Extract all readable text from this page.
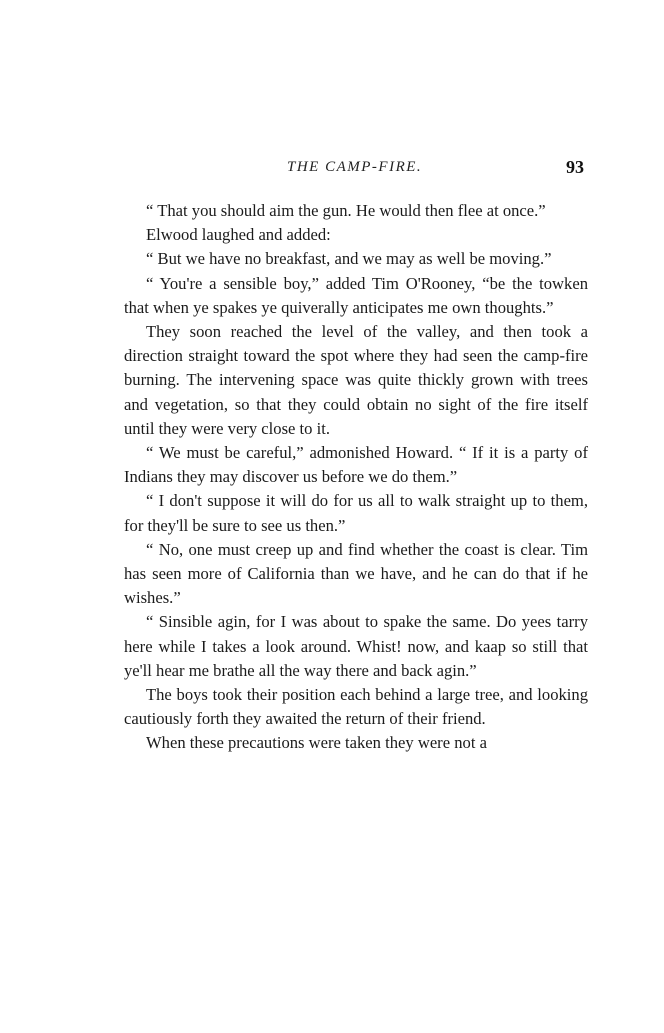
THE CAMP-FIRE.	93

“ That you should aim the gun. He would then flee at once.”

Elwood laughed and added:

“ But we have no breakfast, and we may as well be moving.”

“ You're a sensible boy,” added Tim O'Rooney, “be the towken that when ye spakes ye quiverally anticipates me own thoughts.”

They soon reached the level of the valley, and then took a direction straight toward the spot where they had seen the camp-fire burning. The intervening space was quite thickly grown with trees and vegetation, so that they could obtain no sight of the fire itself until they were very close to it.

“ We must be careful,” admonished Howard. “ If it is a party of Indians they may discover us before we do them.”

“ I don't suppose it will do for us all to walk straight up to them, for they'll be sure to see us then.”

“ No, one must creep up and find whether the coast is clear. Tim has seen more of California than we have, and he can do that if he wishes.”

“ Sinsible agin, for I was about to spake the same. Do yees tarry here while I takes a look around. Whist! now, and kaap so still that ye'll hear me brathe all the way there and back agin.”

The boys took their position each behind a large tree, and looking cautiously forth they awaited the return of their friend.

When these precautions were taken they were not a
